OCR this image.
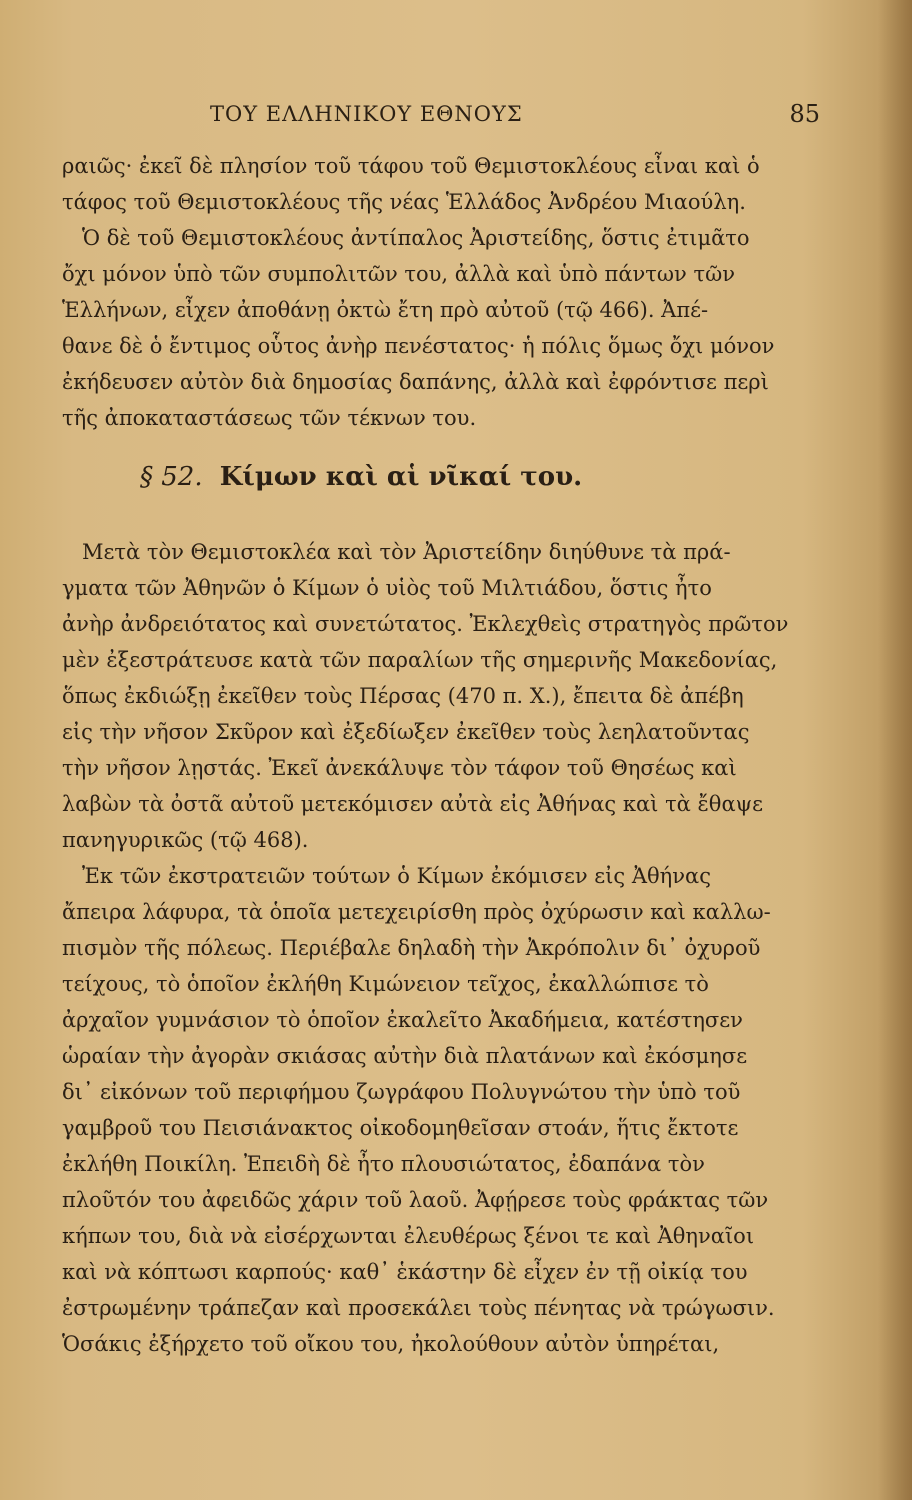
ΤΟΥ ΕΛΛΗΝΙΚΟΥ ΕΘΝΟΥΣ	85
ραιῶς· ἐκεῖ δὲ πλησίον τοῦ τάφου τοῦ Θεμιστοκλέους εἶναι καὶ ὁ
τάφος τοῦ Θεμιστοκλέους τῆς νέας Ἑλλάδος Ἀνδρέου Μιαούλη.
Ὁ δὲ τοῦ Θεμιστοκλέους ἀντίπαλος Ἀριστείδης, ὅστις ἐτιμᾶτο
ὄχι μόνον ὑπὸ τῶν συμπολιτῶν του, ἀλλὰ καὶ ὑπὸ πάντων τῶν
Ἑλλήνων, εἶχεν ἀποθάνῃ ὀκτὼ ἔτη πρὸ αὐτοῦ (τῷ 466). Ἀπέ-
θανε δὲ ὁ ἔντιμος οὗτος ἀνὴρ πενέστατος· ἡ πόλις ὅμως ὄχι μόνον
ἐκήδευσεν αὐτὸν διὰ δημοσίας δαπάνης, ἀλλὰ καὶ ἐφρόντισε περὶ
τῆς ἀποκαταστάσεως τῶν τέκνων του.
§ 52. Κίμων καὶ αἱ νῖκαί του.
Μετὰ τὸν Θεμιστοκλέα καὶ τὸν Ἀριστείδην διηύθυνε τὰ πρά-
γματα τῶν Ἀθηνῶν ὁ Κίμων ὁ υἱὸς τοῦ Μιλτιάδου, ὅστις ἦτο
ἀνὴρ ἀνδρειότατος καὶ συνετώτατος. Ἐκλεχθεὶς στρατηγὸς πρῶτον
μὲν ἐξεστράτευσε κατὰ τῶν παραλίων τῆς σημερινῆς Μακεδονίας,
ὅπως ἐκδιώξῃ ἐκεῖθεν τοὺς Πέρσας (470 π. Χ.), ἔπειτα δὲ ἀπέβη
εἰς τὴν νῆσον Σκῦρον καὶ ἐξεδίωξεν ἐκεῖθεν τοὺς λεηλατοῦντας
τὴν νῆσον λῃστάς. Ἐκεῖ ἀνεκάλυψε τὸν τάφον τοῦ Θησέως καὶ
λαβὼν τὰ ὀστᾶ αὐτοῦ μετεκόμισεν αὐτὰ εἰς Ἀθήνας καὶ τὰ ἔθαψε
πανηγυρικῶς (τῷ 468).
Ἐκ τῶν ἐκστρατειῶν τούτων ὁ Κίμων ἐκόμισεν εἰς Ἀθήνας
ἄπειρα λάφυρα, τὰ ὁποῖα μετεχειρίσθη πρὸς ὀχύρωσιν καὶ καλλω-
πισμὸν τῆς πόλεως. Περιέβαλε δηλαδὴ τὴν Ἀκρόπολιν δι᾽ ὀχυροῦ
τείχους, τὸ ὁποῖον ἐκλήθη Κιμώνειον τεῖχος, ἐκαλλώπισε τὸ
ἀρχαῖον γυμνάσιον τὸ ὁποῖον ἐκαλεῖτο Ἀκαδήμεια, κατέστησεν
ὡραίαν τὴν ἀγορὰν σκιάσας αὐτὴν διὰ πλατάνων καὶ ἐκόσμησε
δι᾽ εἰκόνων τοῦ περιφήμου ζωγράφου Πολυγνώτου τὴν ὑπὸ τοῦ
γαμβροῦ του Πεισιάνακτος οἰκοδομηθεῖσαν στοάν, ἥτις ἔκτοτε
ἐκλήθη Ποικίλη. Ἐπειδὴ δὲ ἦτο πλουσιώτατος, ἐδαπάνα τὸν
πλοῦτόν του ἀφειδῶς χάριν τοῦ λαοῦ. Ἀφῄρεσε τοὺς φράκτας τῶν
κήπων του, διὰ νὰ εἰσέρχωνται ἐλευθέρως ξένοι τε καὶ Ἀθηναῖοι
καὶ νὰ κόπτωσι καρπούς· καθ᾽ ἑκάστην δὲ εἶχεν ἐν τῇ οἰκίᾳ του
ἐστρωμένην τράπεζαν καὶ προσεκάλει τοὺς πένητας νὰ τρώγωσιν.
Ὁσάκις ἐξήρχετο τοῦ οἴκου του, ἠκολούθουν αὐτὸν ὑπηρέται,
